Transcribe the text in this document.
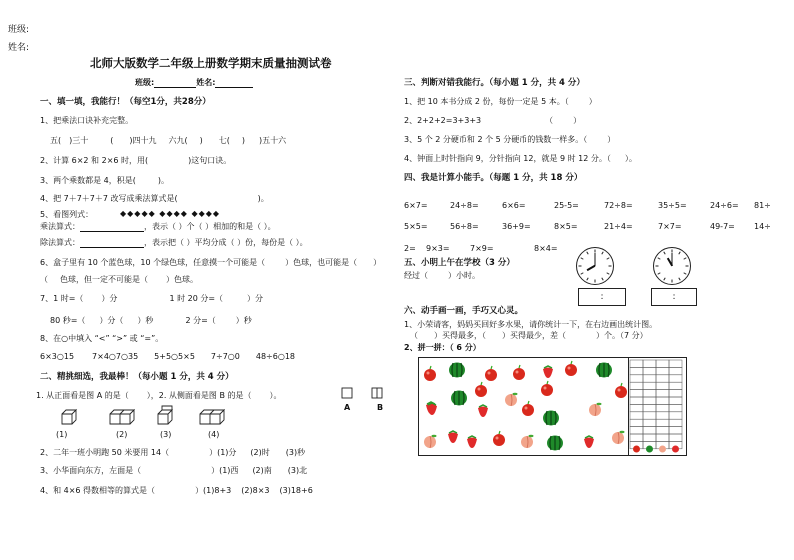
班级:
姓名:
北师大版数学二年级上册数学期末质量抽测试卷
班级:	姓名:
一、填一填，我能行！（每空1分，共28分）
1、把乘法口诀补充完整。
五( )三十	( )四十九 六九( ) 七( ) )五十六
2、计算 6×2 和 2×6 时，用(	)这句口诀。
3、两个乘数都是 4，积是(	)。
4、把 7＋7＋7＋7 改写成乘法算式是(	)。
5、看图列式：	◆◆◆◆◆ ◆◆◆◆ ◆◆◆◆
乘法算式：	，表示（ ）个（ ）相加的和是（ ）。
除法算式：	，表示把（ ）平均分成（ ）份，每份是（ ）。
6、盒子里有 10 个蓝色球，10 个绿色球，任意摸一个可能是（	）色球，也可能是（ ）
（ 色球，但一定不可能是（ ）色球。
7、1 时=（ ）分	1 时 20 分=（	）分
80 秒=（ ）分（ ）秒	2 分=（	）秒
8、在○中填入 “<” “>” 或 “=”。
6×3○15 7×4○7○35 5+5○5×5 7÷7○0 48÷6○18
二、精挑细选，我最棒！（每小题 1 分，共 4 分）
1. 从正面看是图 A 的是（ ），2. 从侧面看是图 B 的是（ ）。
A	B
(1)	(2)	(3)	(4)
2、二年一班小明跑 50 米要用 14（	）(1)分 (2)时 (3)秒
3、小华面向东方，左面是（	）(1)西 (2)南 (3)北
4、和 4×6 得数相等的算式是（	）(1)8+3 (2)8×3 (3)18+6
三、判断对错我能行。（每小题 1 分，共 4 分）
1、把 10 本书分成 2 份，每份一定是 5 本。（	）
2、2+2+2=3+3+3	（	）
3、5 个 2 分硬币和 2 个 5 分硬币的钱数一样多。（	）
4、钟面上时针指向 9，分针指向 12，就是 9 时 12 分。（ ）。
四、我是计算小能手。（每题 1 分，共 18 分）
6×7=	24÷8=	6×6=	25-5=	72÷8=	35÷5=	24÷6= 81÷
5×5=	56÷8=	36+9=	8×5=	21÷4=	7×7=	49-7= 14÷
2= 9×3=	7×9=	8×4=
五、小明上午在学校（3 分）
经过（	）小时。
:	:
六、动手画一画，手巧又心灵。
1、小荣请客，妈妈买回好多水果，请你统计一下，在右边画出统计图。
（ ）买得最多，（ ）买得最少，差（	）个。（7 分）
2、拼一拼：（ 6 分）
